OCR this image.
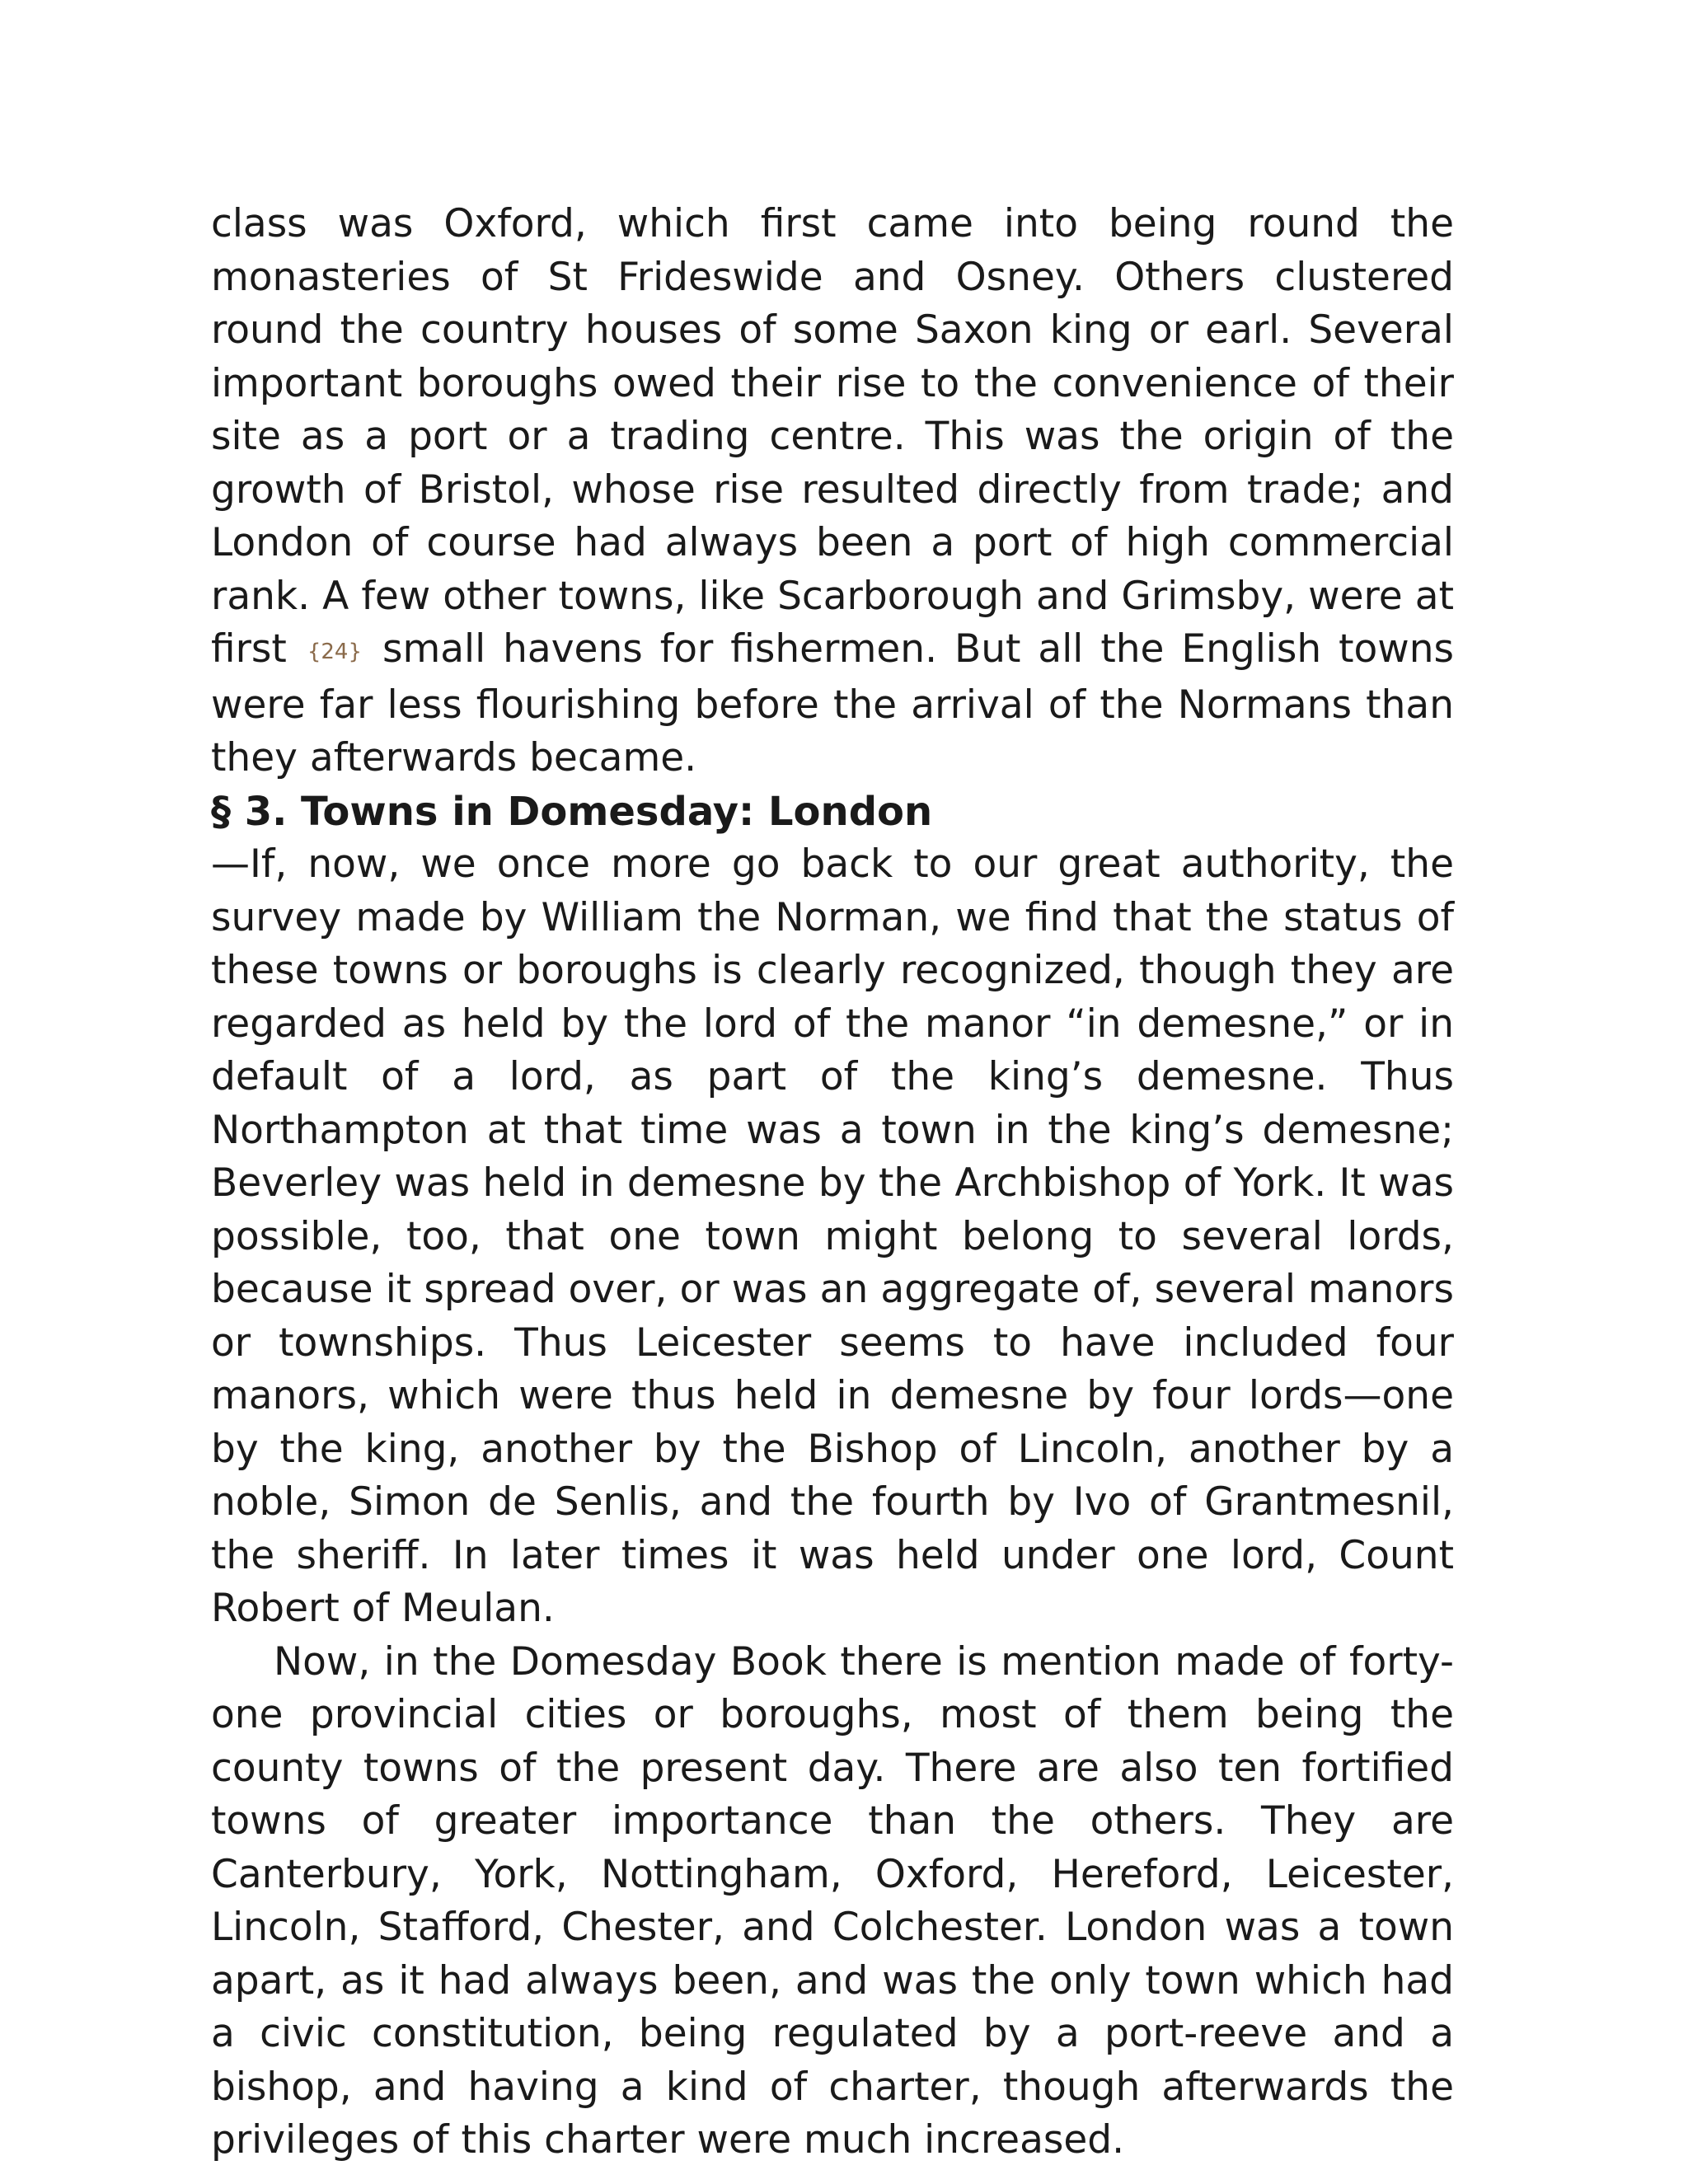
class was Oxford, which first came into being round the monasteries of St Frideswide and Osney. Others clustered round the country houses of some Saxon king or earl. Several important boroughs owed their rise to the convenience of their site as a port or a trading centre. This was the origin of the growth of Bristol, whose rise resulted directly from trade; and London of course had always been a port of high commercial rank. A few other towns, like Scarborough and Grimsby, were at first {24} small havens for fishermen. But all the English towns were far less flourishing before the arrival of the Normans than they afterwards became.

§ 3. Towns in Domesday: London

—If, now, we once more go back to our great authority, the survey made by William the Norman, we find that the status of these towns or boroughs is clearly recognized, though they are regarded as held by the lord of the manor “in demesne,” or in default of a lord, as part of the king’s demesne. Thus Northampton at that time was a town in the king’s demesne; Beverley was held in demesne by the Archbishop of York. It was possible, too, that one town might belong to several lords, because it spread over, or was an aggregate of, several manors or townships. Thus Leicester seems to have included four manors, which were thus held in demesne by four lords—one by the king, another by the Bishop of Lincoln, another by a noble, Simon de Senlis, and the fourth by Ivo of Grantmesnil, the sheriff. In later times it was held under one lord, Count Robert of Meulan.

Now, in the Domesday Book there is mention made of forty-one provincial cities or boroughs, most of them being the county towns of the present day. There are also ten fortified towns of greater importance than the others. They are Canterbury, York, Nottingham, Oxford, Hereford, Leicester, Lincoln, Stafford, Chester, and Colchester. London was a town apart, as it had always been, and was the only town which had a civic constitution, being regulated by a port-reeve and a bishop, and having a kind of charter, though afterwards the privileges of this charter were much increased.
